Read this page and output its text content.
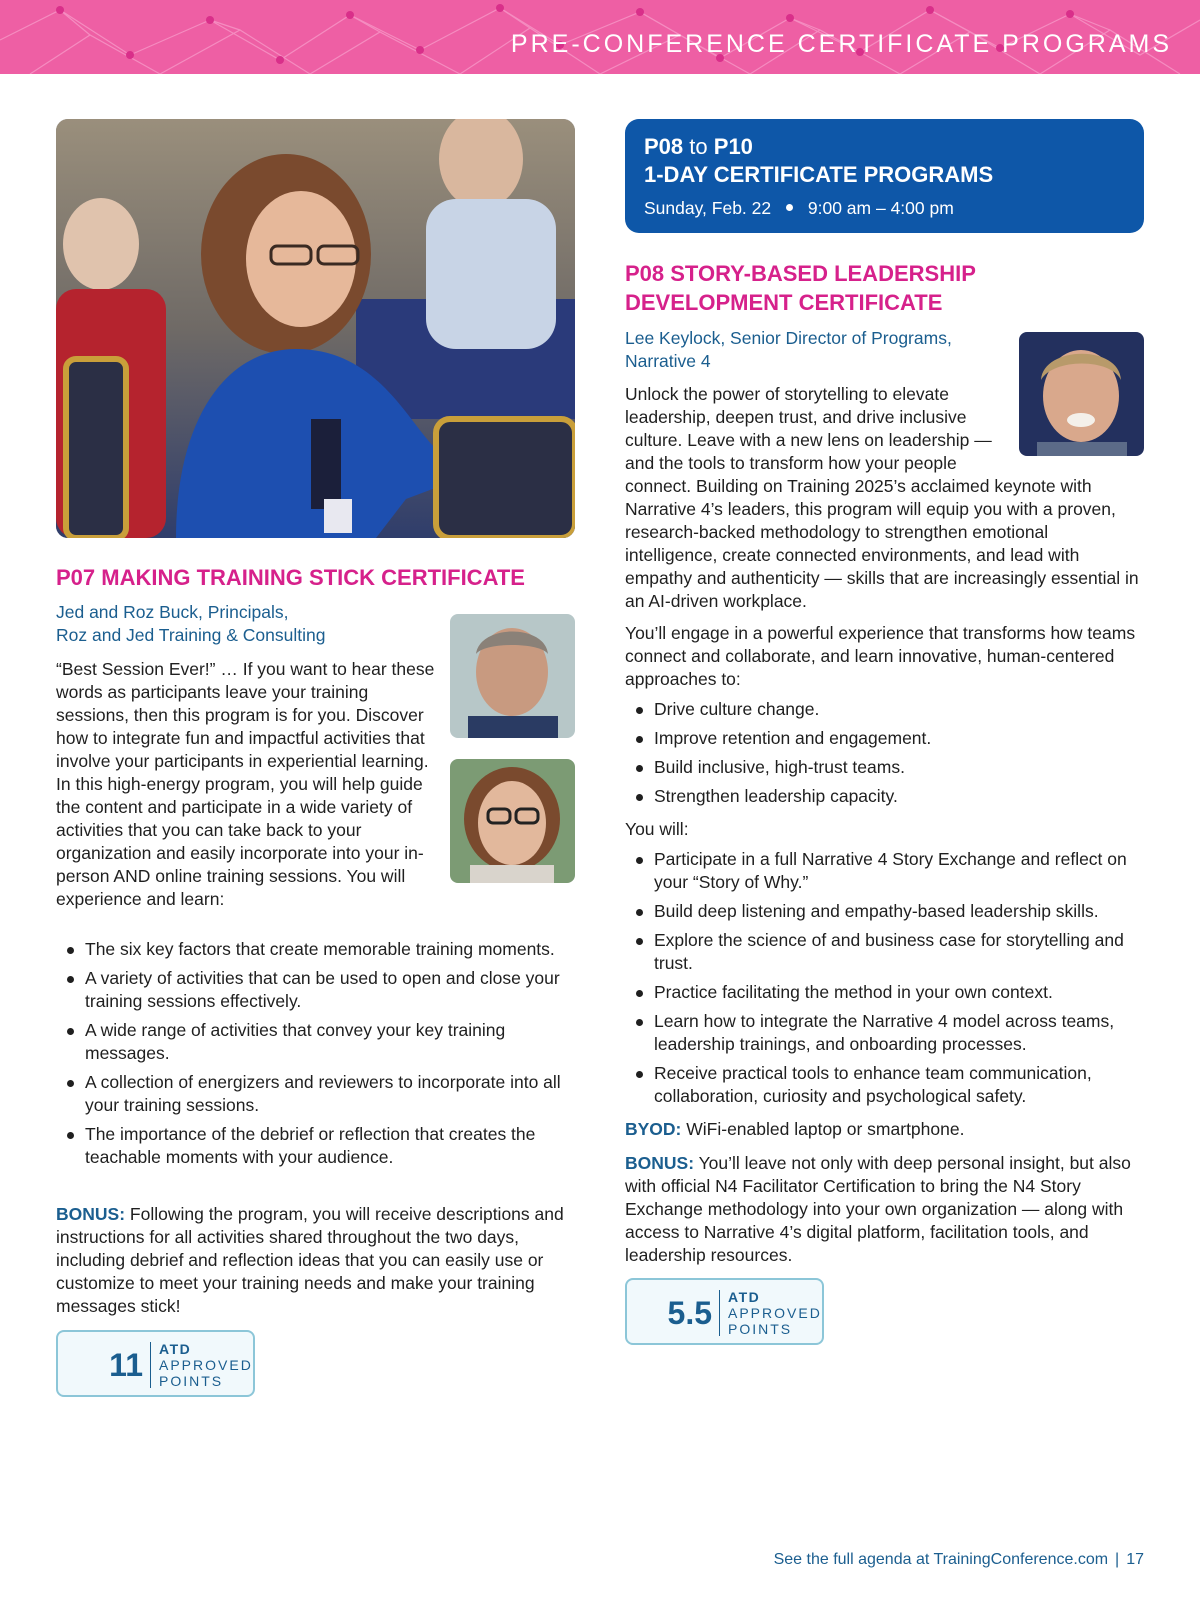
PRE-CONFERENCE CERTIFICATE PROGRAMS
P07 MAKING TRAINING STICK CERTIFICATE
Jed and Roz Buck, Principals,
Roz and Jed Training & Consulting

“Best Session Ever!” … If you want to hear these words as participants leave your training sessions, then this program is for you. Discover how to integrate fun and impactful activities that involve your participants in experiential learning. In this high-energy program, you will help guide the content and participate in a wide variety of activities that you can take back to your organization and easily incorporate into your in-person AND online training sessions. You will experience and learn:

The six key factors that create memorable training moments.
A variety of activities that can be used to open and close your training sessions effectively.
A wide range of activities that convey your key training messages.
A collection of energizers and reviewers to incorporate into all your training sessions.
The importance of the debrief or reflection that creates the teachable moments with your audience.
BONUS: Following the program, you will receive descriptions and instructions for all activities shared throughout the two days, including debrief and reflection ideas that you can easily use or customize to meet your training needs and make your training messages stick!
11 ATD
APPROVED
POINTS
P08 to P10
1-DAY CERTIFICATE PROGRAMS
Sunday, Feb. 22 9:00 am – 4:00 pm
P08 STORY-BASED LEADERSHIP
DEVELOPMENT CERTIFICATE
Lee Keylock, Senior Director of Programs,
Narrative 4

Unlock the power of storytelling to elevate leadership, deepen trust, and drive inclusive culture. Leave with a new lens on leadership — and the tools to transform how your people connect. Building on Training 2025’s acclaimed keynote with Narrative 4’s leaders, this program will equip you with a proven, research-backed methodology to strengthen emotional intelligence, create connected environments, and lead with empathy and authenticity — skills that are increasingly essential in an AI-driven workplace.

You’ll engage in a powerful experience that transforms how teams connect and collaborate, and learn innovative, human-centered approaches to:

Drive culture change.
Improve retention and engagement.
Build inclusive, high-trust teams.
Strengthen leadership capacity.
You will:
Participate in a full Narrative 4 Story Exchange and reflect on your “Story of Why.”
Build deep listening and empathy-based leadership skills.
Explore the science of and business case for storytelling and trust.
Practice facilitating the method in your own context.
Learn how to integrate the Narrative 4 model across teams, leadership trainings, and onboarding processes.
Receive practical tools to enhance team communication, collaboration, curiosity and psychological safety.
BYOD: WiFi-enabled laptop or smartphone.
BONUS: You’ll leave not only with deep personal insight, but also with official N4 Facilitator Certification to bring the N4 Story Exchange methodology into your own organization — along with access to Narrative 4’s digital platform, facilitation tools, and leadership resources.
5.5 ATD
APPROVED
POINTS
See the full agenda at TrainingConference.com | 17
